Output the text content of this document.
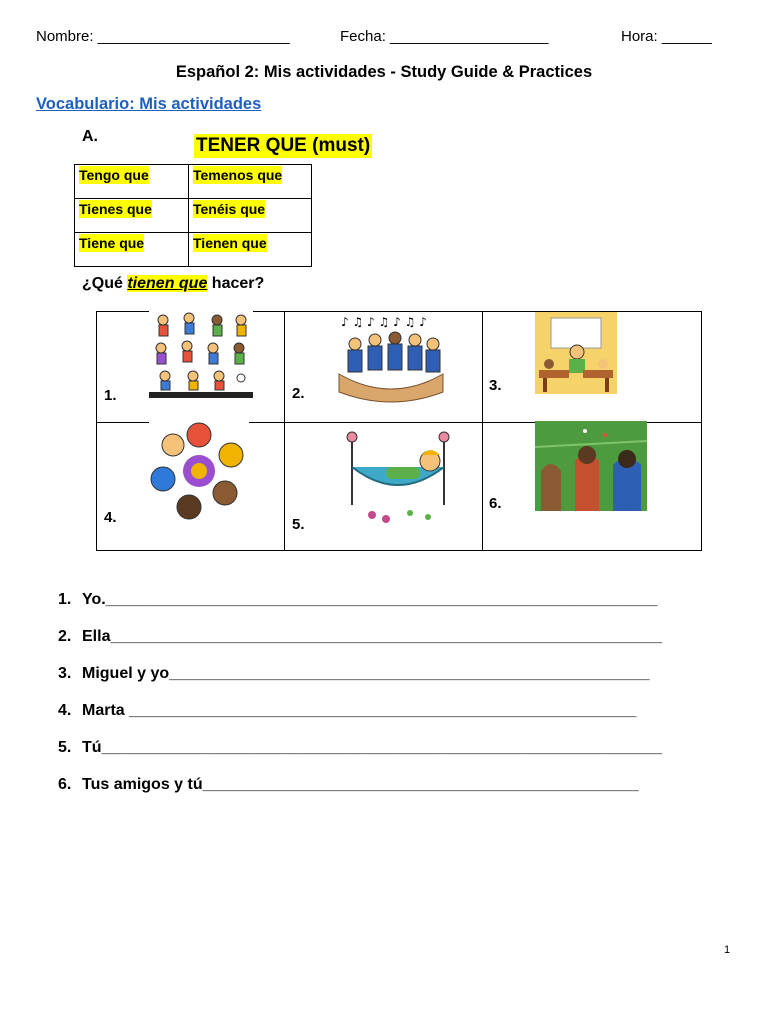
Nombre: _______________________	Fecha: ___________________	Hora: ______
Español 2: Mis actividades - Study Guide & Practices
Vocabulario: Mis actividades
A.	TENER QUE (must)
Tengo que	Temenos que
Tienes que	Tenéis que
Tiene que	Tienen que
¿Qué tienen que hacer?
1.	2.
♪ ♫ ♪ ♫ ♪ ♫ ♪	3.

4.	5.	6.
1. Yo.______________________________________________________________
2. Ella______________________________________________________________
3. Miguel y yo______________________________________________________
4. Marta _________________________________________________________
5. Tú_______________________________________________________________
6. Tus amigos y tú_________________________________________________
1
